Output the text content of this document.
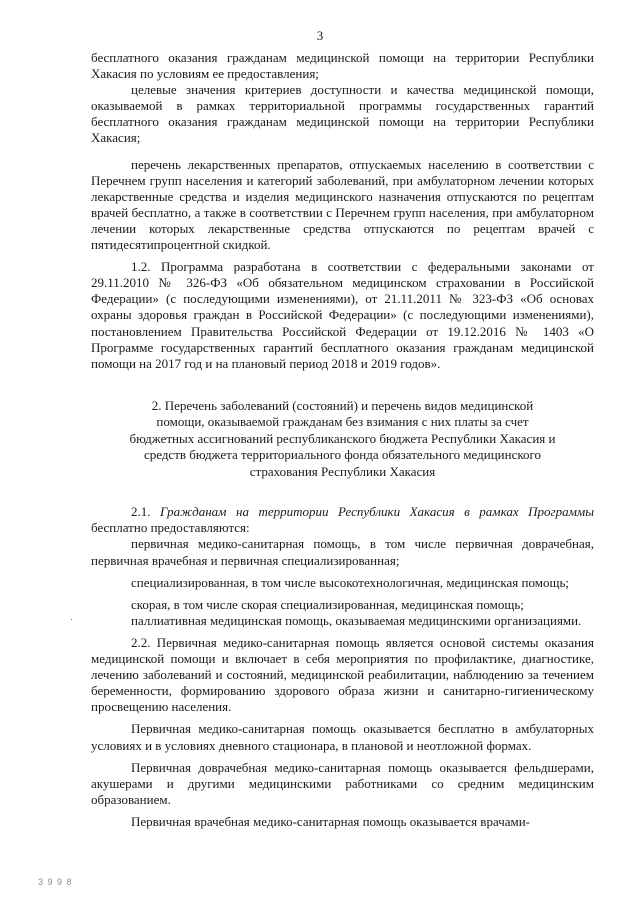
3

бесплатного оказания гражданам медицинской помощи на территории Республики Хакасия по условиям ее предоставления;

целевые значения критериев доступности и качества медицинской помощи, оказываемой в рамках территориальной программы государственных гарантий бесплатного оказания гражданам медицинской помощи на территории Республики Хакасия;

перечень лекарственных препаратов, отпускаемых населению в соответствии с Перечнем групп населения и категорий заболеваний, при амбулаторном лечении которых лекарственные средства и изделия медицинского назначения отпускаются по рецептам врачей бесплатно, а также в соответствии с Перечнем групп населения, при амбулаторном лечении которых лекарственные средства отпускаются по рецептам врачей с пятидесятипроцентной скидкой.

1.2. Программа разработана в соответствии с федеральными законами от 29.11.2010 № 326-ФЗ «Об обязательном медицинском страховании в Российской Федерации» (с последующими изменениями), от 21.11.2011 № 323-ФЗ «Об основах охраны здоровья граждан в Российской Федерации» (с последующими изменениями), постановлением Правительства Российской Федерации от 19.12.2016 № 1403 «О Программе государственных гарантий бесплатного оказания гражданам медицинской помощи на 2017 год и на плановый период 2018 и 2019 годов».

2. Перечень заболеваний (состояний) и перечень видов медицинской помощи, оказываемой гражданам без взимания с них платы за счет бюджетных ассигнований республиканского бюджета Республики Хакасия и средств бюджета территориального фонда обязательного медицинского страхования Республики Хакасия

2.1. Гражданам на территории Республики Хакасия в рамках Программы бесплатно предоставляются:

первичная медико-санитарная помощь, в том числе первичная доврачебная, первичная врачебная и первичная специализированная;

специализированная, в том числе высокотехнологичная, медицинская помощь;

скорая, в том числе скорая специализированная, медицинская помощь;

паллиативная медицинская помощь, оказываемая медицинскими организациями.

2.2. Первичная медико-санитарная помощь является основой системы оказания медицинской помощи и включает в себя мероприятия по профилактике, диагностике, лечению заболеваний и состояний, медицинской реабилитации, наблюдению за течением беременности, формированию здорового образа жизни и санитарно-гигиеническому просвещению населения.

Первичная медико-санитарная помощь оказывается бесплатно в амбулаторных условиях и в условиях дневного стационара, в плановой и неотложной формах.

Первичная доврачебная медико-санитарная помощь оказывается фельдшерами, акушерами и другими медицинскими работниками со средним медицинским образованием.

Первичная врачебная медико-санитарная помощь оказывается врачами-

·
3 9 9 8
